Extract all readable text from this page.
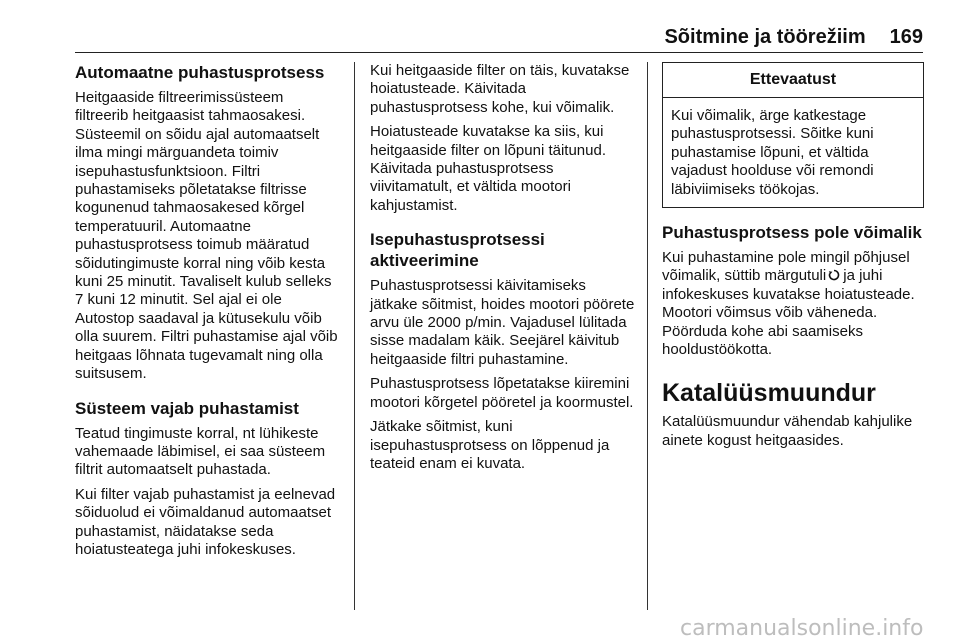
Sõitmine ja töörežiim 169
Automaatne puhastusprotsess

Heitgaaside filtreerimissüsteem filtreerib heitgaasist tahmaosakesi. Süsteemil on sõidu ajal automaatselt ilma mingi märguandeta toimiv isepuhastusfunktsioon. Filtri puhastamiseks põletatakse filtrisse kogunenud tahmaosakesed kõrgel temperatuuril. Automaatne puhastusprotsess toimub määratud sõidutingimuste korral ning võib kesta kuni 25 minutit. Tavaliselt kulub selleks 7 kuni 12 minutit. Sel ajal ei ole Autostop saadaval ja kütusekulu võib olla suurem. Filtri puhastamise ajal võib heitgaas lõhnata tugevamalt ning olla suitsusem.

Süsteem vajab puhastamist

Teatud tingimuste korral, nt lühikeste vahemaade läbimisel, ei saa süsteem filtrit automaatselt puhastada.

Kui filter vajab puhastamist ja eelnevad sõiduolud ei võimaldanud automaatset puhastamist, näidatakse seda hoiatusteatega juhi infokeskuses.

Kui heitgaaside filter on täis, kuvatakse hoiatusteade. Käivitada puhastusprotsess kohe, kui võimalik.

Hoiatusteade kuvatakse ka siis, kui heitgaaside filter on lõpuni täitunud. Käivitada puhastusprotsess viivitamatult, et vältida mootori kahjustamist.

Isepuhastusprotsessi aktiveerimine

Puhastusprotsessi käivitamiseks jätkake sõitmist, hoides mootori pöörete arvu üle 2000 p/min. Vajadusel lülitada sisse madalam käik. Seejärel käivitub heitgaaside filtri puhastamine.

Puhastusprotsess lõpetatakse kiiremini mootori kõrgetel pööretel ja koormustel.

Jätkake sõitmist, kuni isepuhastusprotsess on lõppenud ja teateid enam ei kuvata.

Ettevaatust
Kui võimalik, ärge katkestage puhastusprotsessi. Sõitke kuni puhastamise lõpuni, et vältida vajadust hoolduse või remondi läbiviimiseks töökojas.
Puhastusprotsess pole võimalik

Kui puhastamine pole mingil põhjusel võimalik, süttib märgutuli ja juhi infokeskuses kuvatakse hoiatusteade. Mootori võimsus võib väheneda. Pöörduda kohe abi saamiseks hooldustöökotta.

Katalüüsmuundur

Katalüüsmuundur vähendab kahjulike ainete kogust heitgaasides.

carmanualsonline.info
